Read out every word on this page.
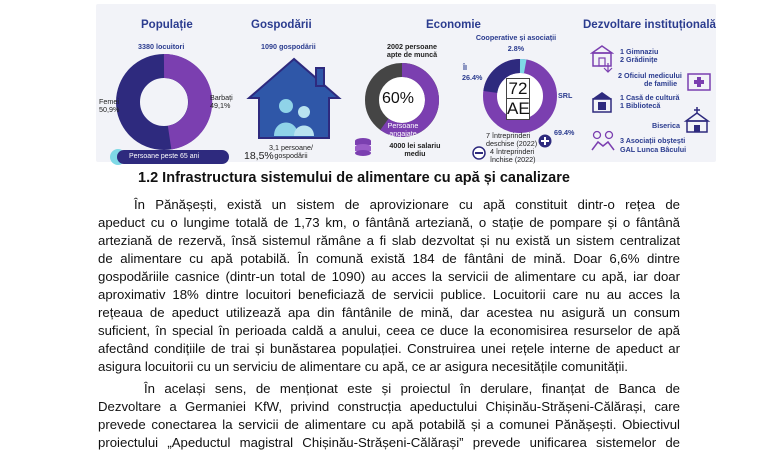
Populație
3380 locuitori
Femei
50,9%
Barbați
49,1%
Persoane peste 65 ani	18,5%
Gospodării
1090 gospodării
3,1 persoane/
gospodării
Economie
2002 persoane
apte de muncă
60%
Persoane
angajate
4000 lei salariu
mediu
Cooperative și asociații
2.8%
72
AE
ÎI
26.4%
SRL
69.4%
7 întreprinderi
deschise (2022)
4 întreprinderi
închise (2022)
Dezvoltare instituțională
1 Gimnaziu
2 Grădinițe
2 Oficiul medicului
de familie
1 Casă de cultură
1 Bibliotecă
Biserica
3 Asociații obștești
GAL Lunca Bâcului
1.2 Infrastructura sistemului de alimentare cu apă și canalizare
În Pănășești, există un sistem de aprovizionare cu apă constituit dintr-o rețea de
apeduct cu o lungime totală de 1,73 km, o fântână arteziană, o stație de pompare și o fântână
arteziană de rezervă, însă sistemul rămâne a fi slab dezvoltat și nu există un sistem centralizat
de alimentare cu apă potabilă. În comună există 184 de fântâni de mină. Doar 6,6% dintre
gospodăriile casnice (dintr-un total de 1090) au acces la servicii de alimentare cu apă, iar doar
aproximativ 18% dintre locuitori beneficiază de servicii publice. Locuitorii care nu au acces la
rețeaua de apeduct utilizează apa din fântânile de mină, dar acestea nu asigură un consum
suficient, în special în perioada caldă a anului, ceea ce duce la economisirea resurselor de apă
afectând condițiile de trai și bunăstarea populației. Construirea unei rețele interne de apeduct ar
asigura locuitorii cu un serviciu de alimentare cu apă, ce ar asigura necesitățile comunității.
În același sens, de menționat este și proiectul în derulare, finanțat de Banca de
Dezvoltare a Germaniei KfW, privind construcția apeductului Chișinău-Strășeni-Călărași, care
prevede conectarea la servicii de alimentare cu apă potabilă și a comunei Pănășești. Obiectivul
proiectului „Apeductul magistral Chișinău-Strășeni-Călărași” prevede unificarea sistemelor de
